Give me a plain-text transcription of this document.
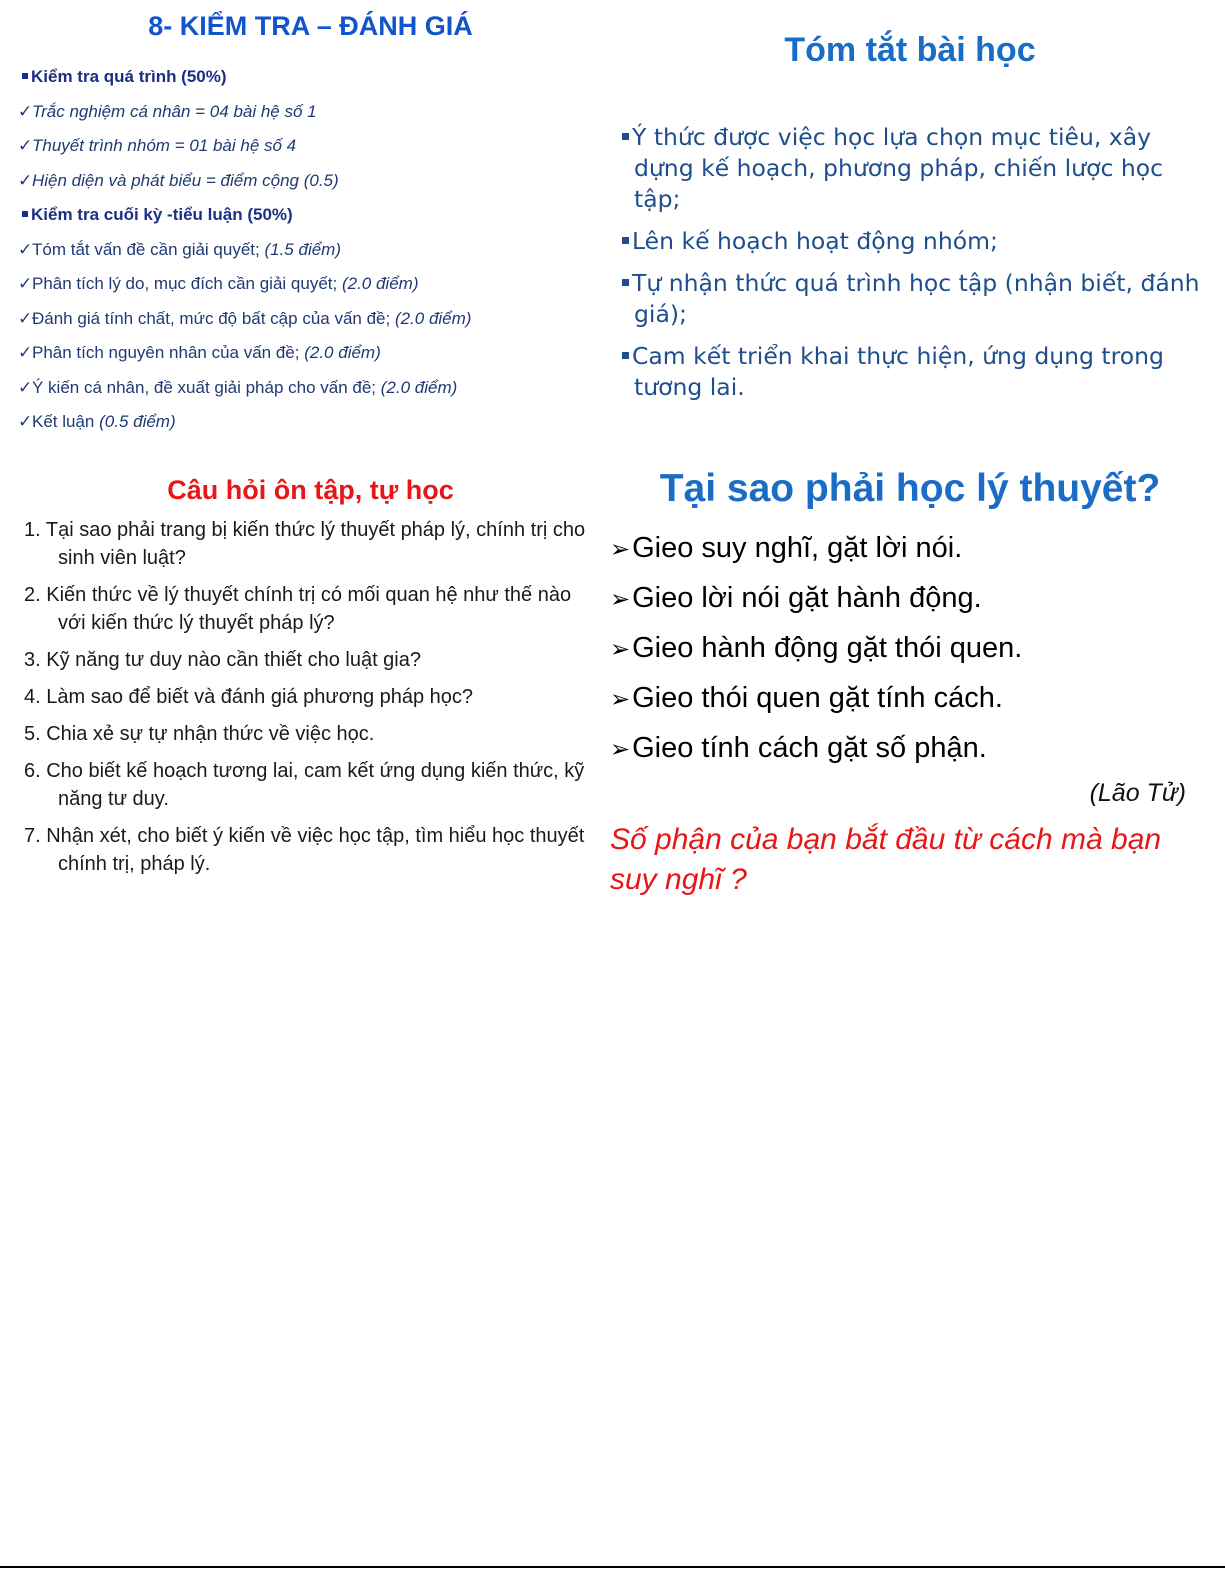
8- KIỂM TRA – ĐÁNH GIÁ
Kiểm tra quá trình (50%)
✓Trắc nghiệm cá nhân = 04 bài hệ số 1
✓Thuyết trình nhóm = 01 bài hệ số 4
✓Hiện diện và phát biểu = điểm cộng (0.5)
Kiểm tra cuối kỳ -tiểu luận (50%)
✓Tóm tắt vấn đề cần giải quyết; (1.5 điểm)
✓Phân tích lý do, mục đích cần giải quyết; (2.0 điểm)
✓Đánh giá tính chất, mức độ bất cập của vấn đề; (2.0 điểm)
✓Phân tích nguyên nhân của vấn đề; (2.0 điểm)
✓Ý kiến cá nhân, đề xuất giải pháp cho vấn đề; (2.0 điểm)
✓Kết luận (0.5 điểm)
Tóm tắt bài học
Ý thức được việc học lựa chọn mục tiêu, xây dựng kế hoạch, phương pháp, chiến lược học tập;
Lên kế hoạch hoạt động nhóm;
Tự nhận thức quá trình học tập (nhận biết, đánh giá);
Cam kết triển khai thực hiện, ứng dụng trong tương lai.
Câu hỏi ôn tập, tự học
1. Tại sao phải trang bị kiến thức lý thuyết pháp lý, chính trị cho sinh viên luật?
2. Kiến thức về lý thuyết chính trị có mối quan hệ như thế nào với kiến thức lý thuyết pháp lý?
3. Kỹ năng tư duy nào cần thiết cho luật gia?
4. Làm sao để biết và đánh giá phương pháp học?
5. Chia xẻ sự tự nhận thức về việc học.
6. Cho biết kế hoạch tương lai, cam kết ứng dụng kiến thức, kỹ năng tư duy.
7. Nhận xét, cho biết ý kiến về việc học tập, tìm hiểu học thuyết chính trị, pháp lý.
Tại sao phải học lý thuyết?
➢Gieo suy nghĩ, gặt lời nói.
➢Gieo lời nói gặt hành động.
➢Gieo hành động gặt thói quen.
➢Gieo thói quen gặt tính cách.
➢Gieo tính cách gặt số phận.
(Lão Tử)
Số phận của bạn bắt đầu từ cách mà bạn suy nghĩ ?
